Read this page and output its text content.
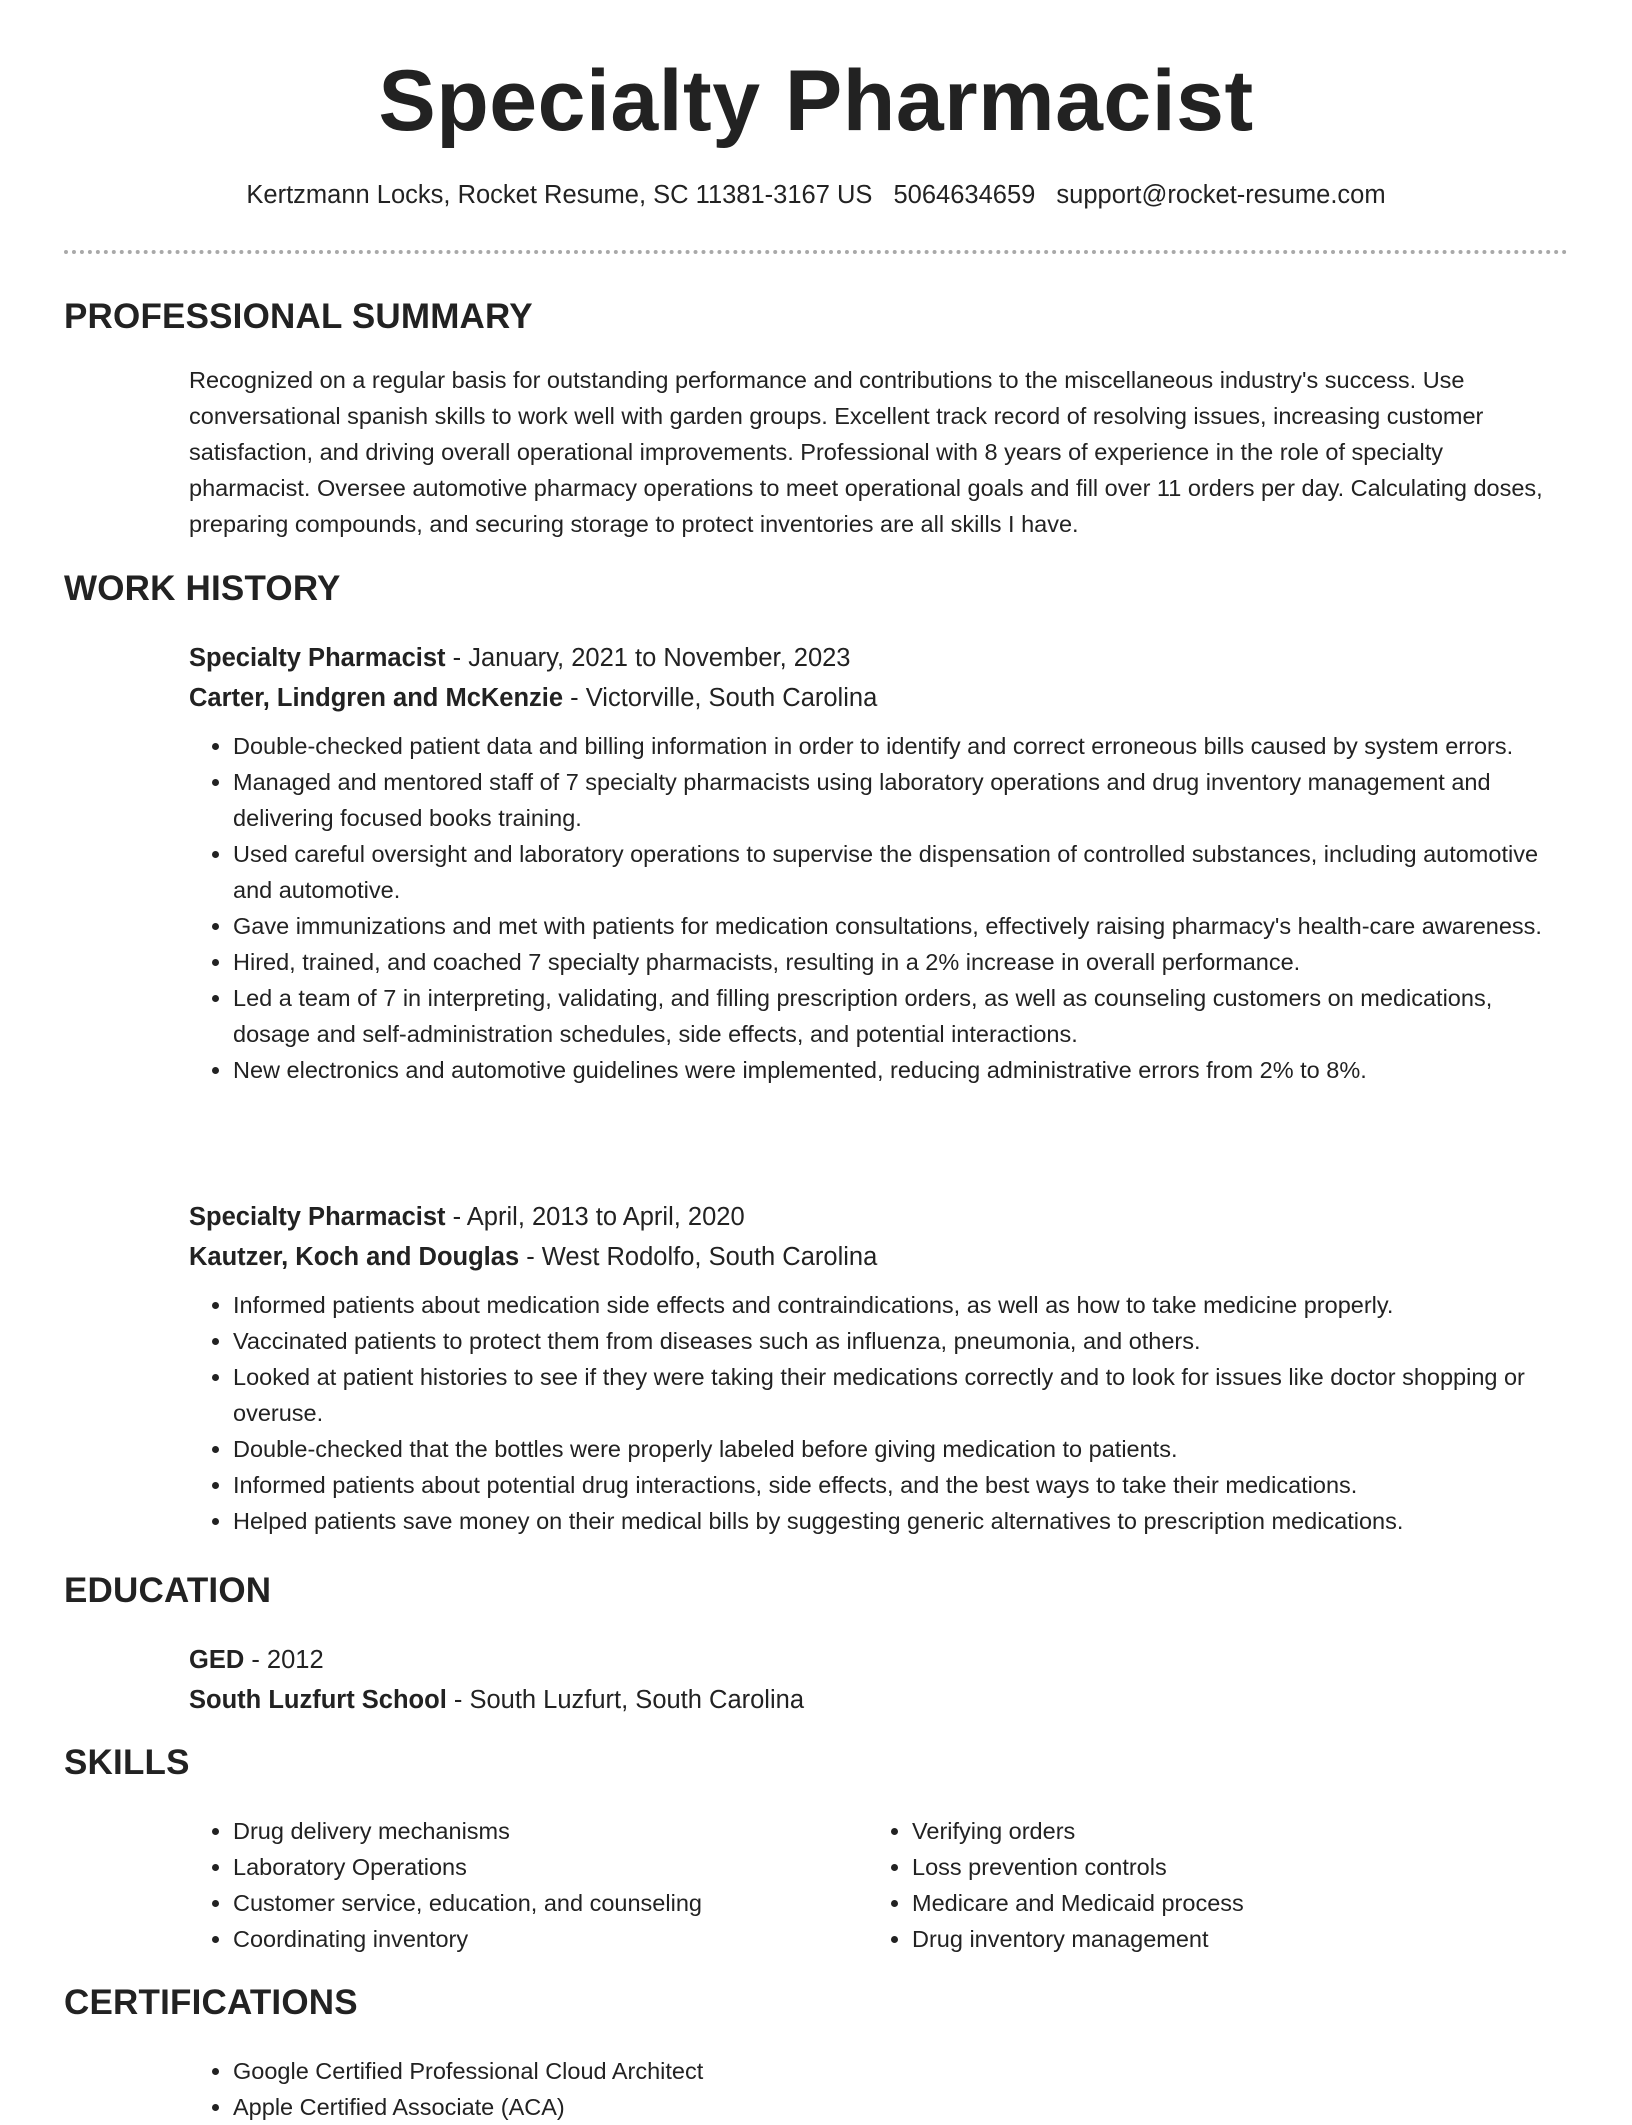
Specialty Pharmacist
Kertzmann Locks, Rocket Resume, SC 11381-3167 US 5064634659 support@rocket-resume.com
PROFESSIONAL SUMMARY

Recognized on a regular basis for outstanding performance and contributions to the miscellaneous industry's success. Use conversational spanish skills to work well with garden groups. Excellent track record of resolving issues, increasing customer satisfaction, and driving overall operational improvements. Professional with 8 years of experience in the role of specialty pharmacist. Oversee automotive pharmacy operations to meet operational goals and fill over 11 orders per day. Calculating doses, preparing compounds, and securing storage to protect inventories are all skills I have.

WORK HISTORY

Specialty Pharmacist - January, 2021 to November, 2023

Carter, Lindgren and McKenzie - Victorville, South Carolina

• Double-checked patient data and billing information in order to identify and correct erroneous bills caused by system errors.
• Managed and mentored staff of 7 specialty pharmacists using laboratory operations and drug inventory management and delivering focused books training.
• Used careful oversight and laboratory operations to supervise the dispensation of controlled substances, including automotive and automotive.
• Gave immunizations and met with patients for medication consultations, effectively raising pharmacy's health-care awareness.
• Hired, trained, and coached 7 specialty pharmacists, resulting in a 2% increase in overall performance.
• Led a team of 7 in interpreting, validating, and filling prescription orders, as well as counseling customers on medications, dosage and self-administration schedules, side effects, and potential interactions.
• New electronics and automotive guidelines were implemented, reducing administrative errors from 2% to 8%.

Specialty Pharmacist - April, 2013 to April, 2020

Kautzer, Koch and Douglas - West Rodolfo, South Carolina

• Informed patients about medication side effects and contraindications, as well as how to take medicine properly.
• Vaccinated patients to protect them from diseases such as influenza, pneumonia, and others.
• Looked at patient histories to see if they were taking their medications correctly and to look for issues like doctor shopping or overuse.
• Double-checked that the bottles were properly labeled before giving medication to patients.
• Informed patients about potential drug interactions, side effects, and the best ways to take their medications.
• Helped patients save money on their medical bills by suggesting generic alternatives to prescription medications.
EDUCATION

GED - 2012

South Luzfurt School - South Luzfurt, South Carolina

SKILLS
• Drug delivery mechanisms
• Laboratory Operations
• Customer service, education, and counseling
• Coordinating inventory
• Verifying orders
• Loss prevention controls
• Medicare and Medicaid process
• Drug inventory management
CERTIFICATIONS
• Google Certified Professional Cloud Architect
• Apple Certified Associate (ACA)
